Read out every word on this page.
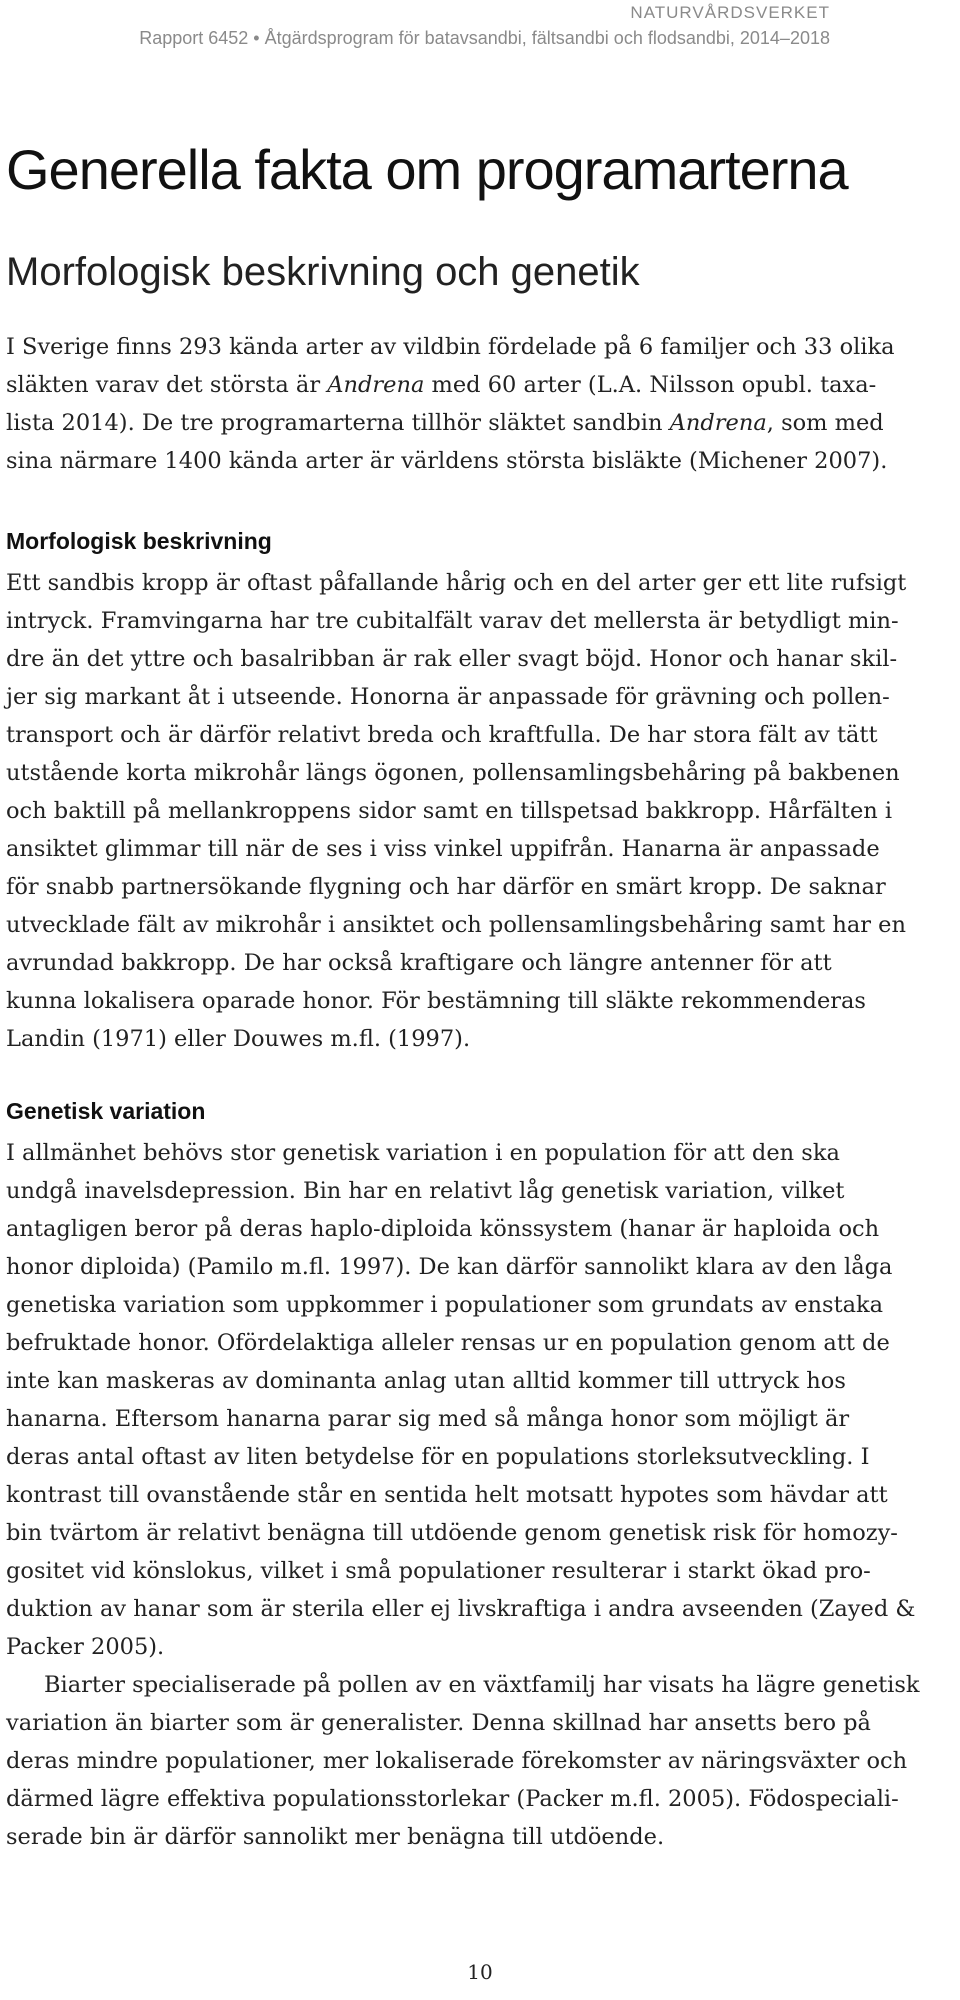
NATURVÅRDSVERKET
Rapport 6452 • Åtgärdsprogram för batavsandbi, fältsandbi och flodsandbi, 2014–2018
Generella fakta om programarterna
Morfologisk beskrivning och genetik
I Sverige finns 293 kända arter av vildbin fördelade på 6 familjer och 33 olika
släkten varav det största är Andrena med 60 arter (L.A. Nilsson opubl. taxa-
lista 2014). De tre programarterna tillhör släktet sandbin Andrena, som med
sina närmare 1400 kända arter är världens största bisläkte (Michener 2007).
Morfologisk beskrivning
Ett sandbis kropp är oftast påfallande hårig och en del arter ger ett lite rufsigt
intryck. Framvingarna har tre cubitalfält varav det mellersta är betydligt min-
dre än det yttre och basalribban är rak eller svagt böjd. Honor och hanar skil-
jer sig markant åt i utseende. Honorna är anpassade för grävning och pollen-
transport och är därför relativt breda och kraftfulla. De har stora fält av tätt
utstående korta mikrohår längs ögonen, pollensamlingsbehåring på bakbenen
och baktill på mellankroppens sidor samt en tillspetsad bakkropp. Hårfälten i
ansiktet glimmar till när de ses i viss vinkel uppifrån. Hanarna är anpassade
för snabb partnersökande flygning och har därför en smärt kropp. De saknar
utvecklade fält av mikrohår i ansiktet och pollensamlingsbehåring samt har en
avrundad bakkropp. De har också kraftigare och längre antenner för att
kunna lokalisera oparade honor. För bestämning till släkte rekommenderas
Landin (1971) eller Douwes m.fl. (1997).
Genetisk variation
I allmänhet behövs stor genetisk variation i en population för att den ska
undgå inavelsdepression. Bin har en relativt låg genetisk variation, vilket
antagligen beror på deras haplo-diploida könssystem (hanar är haploida och
honor diploida) (Pamilo m.fl. 1997). De kan därför sannolikt klara av den låga
genetiska variation som uppkommer i populationer som grundats av enstaka
befruktade honor. Ofördelaktiga alleler rensas ur en population genom att de
inte kan maskeras av dominanta anlag utan alltid kommer till uttryck hos
hanarna. Eftersom hanarna parar sig med så många honor som möjligt är
deras antal oftast av liten betydelse för en populations storleksutveckling. I
kontrast till ovanstående står en sentida helt motsatt hypotes som hävdar att
bin tvärtom är relativt benägna till utdöende genom genetisk risk för homozy-
gositet vid könslokus, vilket i små populationer resulterar i starkt ökad pro-
duktion av hanar som är sterila eller ej livskraftiga i andra avseenden (Zayed &
Packer 2005).
Biarter specialiserade på pollen av en växtfamilj har visats ha lägre genetisk
variation än biarter som är generalister. Denna skillnad har ansetts bero på
deras mindre populationer, mer lokaliserade förekomster av näringsväxter och
därmed lägre effektiva populationsstorlekar (Packer m.fl. 2005). Födospeciali-
serade bin är därför sannolikt mer benägna till utdöende.
10
